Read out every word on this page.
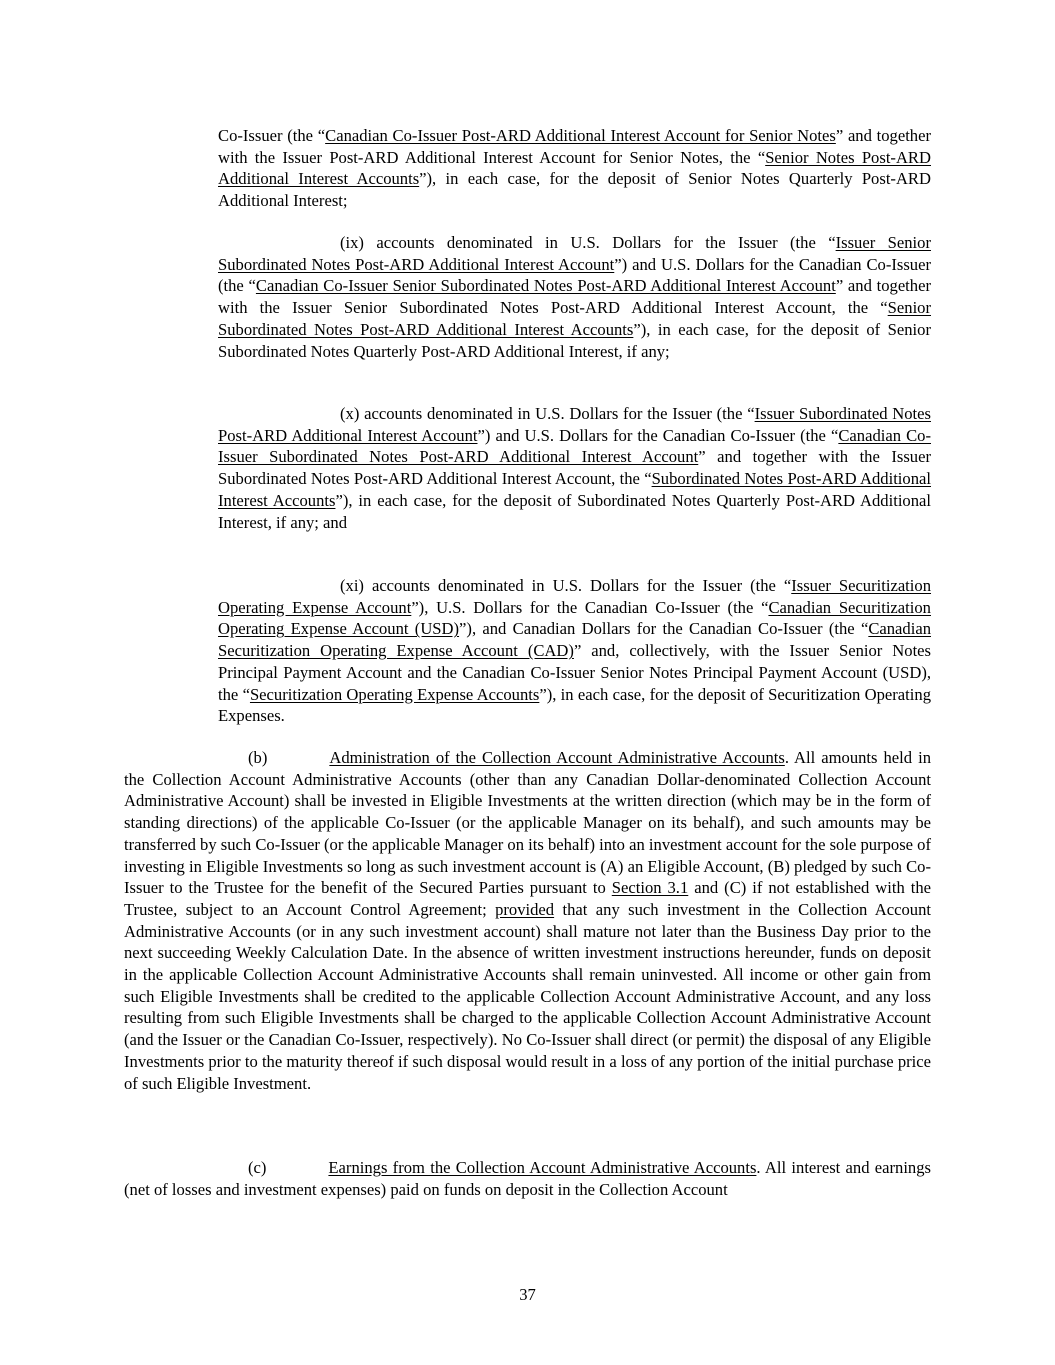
Co-Issuer (the “Canadian Co-Issuer Post-ARD Additional Interest Account for Senior Notes” and together with the Issuer Post-ARD Additional Interest Account for Senior Notes, the “Senior Notes Post-ARD Additional Interest Accounts”), in each case, for the deposit of Senior Notes Quarterly Post-ARD Additional Interest;

(ix) accounts denominated in U.S. Dollars for the Issuer (the “Issuer Senior Subordinated Notes Post-ARD Additional Interest Account”) and U.S. Dollars for the Canadian Co-Issuer (the “Canadian Co-Issuer Senior Subordinated Notes Post-ARD Additional Interest Account” and together with the Issuer Senior Subordinated Notes Post-ARD Additional Interest Account, the “Senior Subordinated Notes Post-ARD Additional Interest Accounts”), in each case, for the deposit of Senior Subordinated Notes Quarterly Post-ARD Additional Interest, if any;

(x) accounts denominated in U.S. Dollars for the Issuer (the “Issuer Subordinated Notes Post-ARD Additional Interest Account”) and U.S. Dollars for the Canadian Co-Issuer (the “Canadian Co-Issuer Subordinated Notes Post-ARD Additional Interest Account” and together with the Issuer Subordinated Notes Post-ARD Additional Interest Account, the “Subordinated Notes Post-ARD Additional Interest Accounts”), in each case, for the deposit of Subordinated Notes Quarterly Post-ARD Additional Interest, if any; and

(xi) accounts denominated in U.S. Dollars for the Issuer (the “Issuer Securitization Operating Expense Account”), U.S. Dollars for the Canadian Co-Issuer (the “Canadian Securitization Operating Expense Account (USD)”), and Canadian Dollars for the Canadian Co-Issuer (the “Canadian Securitization Operating Expense Account (CAD)” and, collectively, with the Issuer Senior Notes Principal Payment Account and the Canadian Co-Issuer Senior Notes Principal Payment Account (USD), the “Securitization Operating Expense Accounts”), in each case, for the deposit of Securitization Operating Expenses.

(b)	Administration of the Collection Account Administrative Accounts. All amounts held in the Collection Account Administrative Accounts (other than any Canadian Dollar-denominated Collection Account Administrative Account) shall be invested in Eligible Investments at the written direction (which may be in the form of standing directions) of the applicable Co-Issuer (or the applicable Manager on its behalf), and such amounts may be transferred by such Co-Issuer (or the applicable Manager on its behalf) into an investment account for the sole purpose of investing in Eligible Investments so long as such investment account is (A) an Eligible Account, (B) pledged by such Co-Issuer to the Trustee for the benefit of the Secured Parties pursuant to Section 3.1 and (C) if not established with the Trustee, subject to an Account Control Agreement; provided that any such investment in the Collection Account Administrative Accounts (or in any such investment account) shall mature not later than the Business Day prior to the next succeeding Weekly Calculation Date. In the absence of written investment instructions hereunder, funds on deposit in the applicable Collection Account Administrative Accounts shall remain uninvested. All income or other gain from such Eligible Investments shall be credited to the applicable Collection Account Administrative Account, and any loss resulting from such Eligible Investments shall be charged to the applicable Collection Account Administrative Account (and the Issuer or the Canadian Co-Issuer, respectively). No Co-Issuer shall direct (or permit) the disposal of any Eligible Investments prior to the maturity thereof if such disposal would result in a loss of any portion of the initial purchase price of such Eligible Investment.

(c)	Earnings from the Collection Account Administrative Accounts. All interest and earnings (net of losses and investment expenses) paid on funds on deposit in the Collection Account

37
